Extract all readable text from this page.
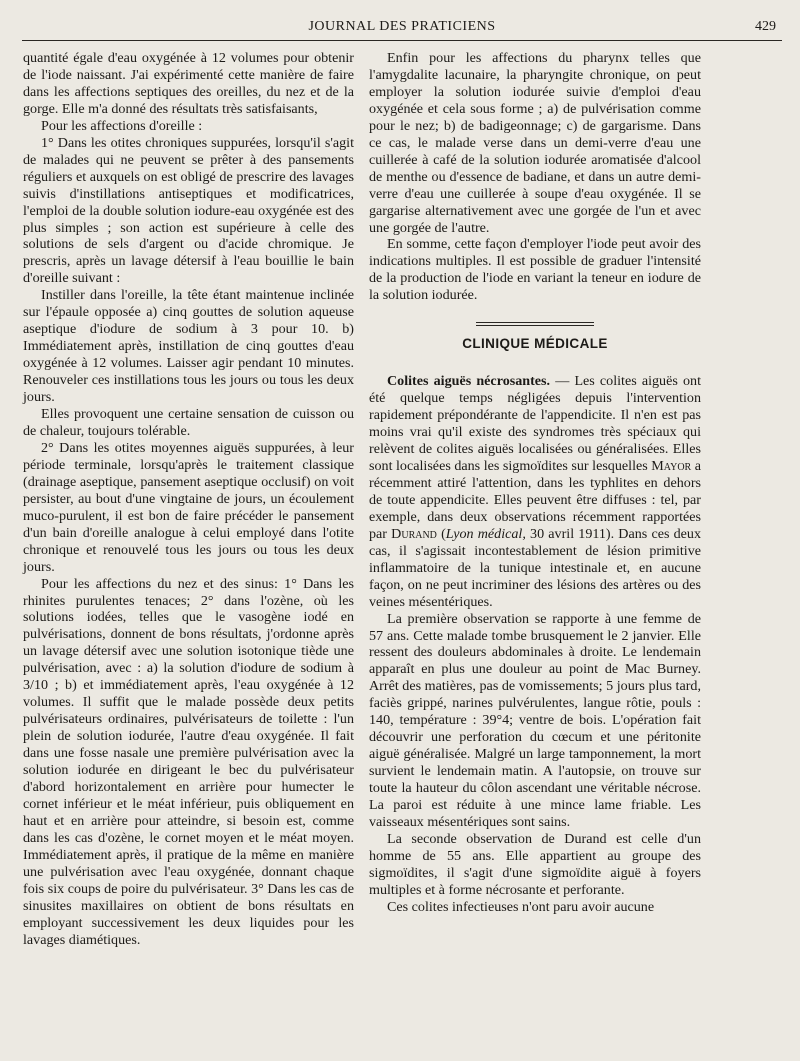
JOURNAL DES PRATICIENS	429

quantité égale d'eau oxygénée à 12 volumes pour obtenir de l'iode naissant. J'ai expérimenté cette manière de faire dans les affections septiques des oreilles, du nez et de la gorge. Elle m'a donné des résultats très satisfaisants,

Pour les affections d'oreille :

1° Dans les otites chroniques suppurées, lorsqu'il s'agit de malades qui ne peuvent se prêter à des pansements réguliers et auxquels on est obligé de prescrire des lavages suivis d'instillations antiseptiques et modificatrices, l'emploi de la double solution iodure-eau oxygénée est des plus simples ; son action est supérieure à celle des solutions de sels d'argent ou d'acide chromique. Je prescris, après un lavage détersif à l'eau bouillie le bain d'oreille suivant :

Instiller dans l'oreille, la tête étant maintenue inclinée sur l'épaule opposée a) cinq gouttes de solution aqueuse aseptique d'iodure de sodium à 3 pour 10. b) Immédiatement après, instillation de cinq gouttes d'eau oxygénée à 12 volumes. Laisser agir pendant 10 minutes. Renouveler ces instillations tous les jours ou tous les deux jours.

Elles provoquent une certaine sensation de cuisson ou de chaleur, toujours tolérable.

2° Dans les otites moyennes aiguës suppurées, à leur période terminale, lorsqu'après le traitement classique (drainage aseptique, pansement aseptique occlusif) on voit persister, au bout d'une vingtaine de jours, un écoulement muco-purulent, il est bon de faire précéder le pansement d'un bain d'oreille analogue à celui employé dans l'otite chronique et renouvelé tous les jours ou tous les deux jours.

Pour les affections du nez et des sinus: 1° Dans les rhinites purulentes tenaces; 2° dans l'ozène, où les solutions iodées, telles que le vasogène iodé en pulvérisations, donnent de bons résultats, j'ordonne après un lavage détersif avec une solution isotonique tiède une pulvérisation, avec : a) la solution d'iodure de sodium à 3/10 ; b) et immédiatement après, l'eau oxygénée à 12 volumes. Il suffit que le malade possède deux petits pulvérisateurs ordinaires, pulvérisateurs de toilette : l'un plein de solution iodurée, l'autre d'eau oxygénée. Il fait dans une fosse nasale une première pulvérisation avec la solution iodurée en dirigeant le bec du pulvérisateur d'abord horizontalement en arrière pour humecter le cornet inférieur et le méat inférieur, puis obliquement en haut et en arrière pour atteindre, si besoin est, comme dans les cas d'ozène, le cornet moyen et le méat moyen. Immédiatement après, il pratique de la même en manière une pulvérisation avec l'eau oxygénée, donnant chaque fois six coups de poire du pulvérisateur. 3° Dans les cas de sinusites maxillaires on obtient de bons résultats en employant successivement les deux liquides pour les lavages diamétiques.

Enfin pour les affections du pharynx telles que l'amygdalite lacunaire, la pharyngite chronique, on peut employer la solution iodurée suivie d'emploi d'eau oxygénée et cela sous forme ; a) de pulvérisation comme pour le nez; b) de badigeonnage; c) de gargarisme. Dans ce cas, le malade verse dans un demi-verre d'eau une cuillerée à café de la solution iodurée aromatisée d'alcool de menthe ou d'essence de badiane, et dans un autre demi-verre d'eau une cuillerée à soupe d'eau oxygénée. Il se gargarise alternativement avec une gorgée de l'un et avec une gorgée de l'autre.

En somme, cette façon d'employer l'iode peut avoir des indications multiples. Il est possible de graduer l'intensité de la production de l'iode en variant la teneur en iodure de la solution iodurée.

CLINIQUE MÉDICALE

Colites aiguës nécrosantes. — Les colites aiguës ont été quelque temps négligées depuis l'intervention rapidement prépondérante de l'appendicite. Il n'en est pas moins vrai qu'il existe des syndromes très spéciaux qui relèvent de colites aiguës localisées ou généralisées. Elles sont localisées dans les sigmoïdites sur lesquelles Mayor a récemment attiré l'attention, dans les typhlites en dehors de toute appendicite. Elles peuvent être diffuses : tel, par exemple, dans deux observations récemment rapportées par Durand (Lyon médical, 30 avril 1911). Dans ces deux cas, il s'agissait incontestablement de lésion primitive inflammatoire de la tunique intestinale et, en aucune façon, on ne peut incriminer des lésions des artères ou des veines mésentériques.

La première observation se rapporte à une femme de 57 ans. Cette malade tombe brusquement le 2 janvier. Elle ressent des douleurs abdominales à droite. Le lendemain apparaît en plus une douleur au point de Mac Burney. Arrêt des matières, pas de vomissements; 5 jours plus tard, faciès grippé, narines pulvérulentes, langue rôtie, pouls : 140, température : 39°4; ventre de bois. L'opération fait découvrir une perforation du cœcum et une péritonite aiguë généralisée. Malgré un large tamponnement, la mort survient le lendemain matin. A l'autopsie, on trouve sur toute la hauteur du côlon ascendant une véritable nécrose. La paroi est réduite à une mince lame friable. Les vaisseaux mésentériques sont sains.

La seconde observation de Durand est celle d'un homme de 55 ans. Elle appartient au groupe des sigmoïdites, il s'agit d'une sigmoïdite aiguë à foyers multiples et à forme nécrosante et perforante.

Ces colites infectieuses n'ont paru avoir aucune
